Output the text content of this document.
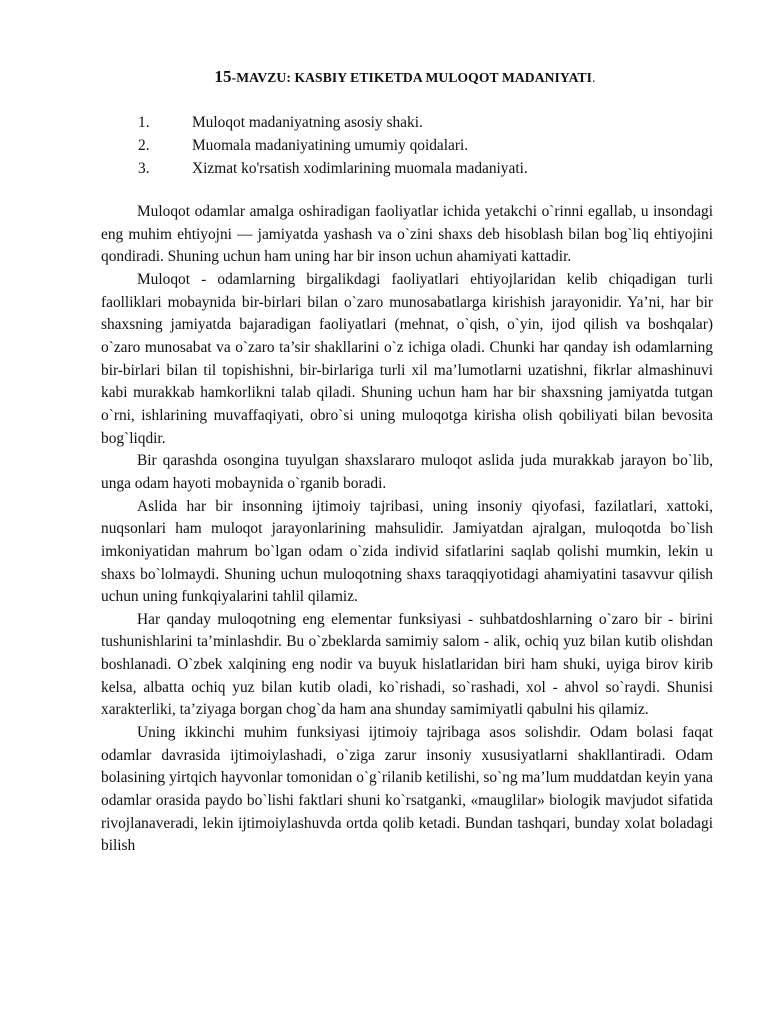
15-MAVZU: KASBIY ETIKETDA MULOQOT MADANIYATI.
1.	Muloqot madaniyatning asosiy shaki.
2.	Muomala madaniyatining umumiy qoidalari.
3.	Xizmat ko'rsatish xodimlarining muomala madaniyati.

Muloqot odamlar amalga oshiradigan faoliyatlar ichida yetakchi o`rinni egallab, u insondagi eng muhim ehtiyojni — jamiyatda yashash va o`zini shaxs deb hisoblash bilan bog`liq ehtiyojini qondiradi. Shuning uchun ham uning har bir inson uchun ahamiyati kattadir.

Muloqot - odamlarning birgalikdagi faoliyatlari ehtiyojlaridan kelib chiqadigan turli faolliklari mobaynida bir-birlari bilan o`zaro munosabatlarga kirishish jarayonidir. Ya’ni, har bir shaxsning jamiyatda bajaradigan faoliyatlari (mehnat, o`qish, o`yin, ijod qilish va boshqalar) o`zaro munosabat va o`zaro ta’sir shakllarini o`z ichiga oladi. Chunki har qanday ish odamlarning bir-birlari bilan til topishishni, bir-birlariga turli xil ma’lumotlarni uzatishni, fikrlar almashinuvi kabi murakkab hamkorlikni talab qiladi. Shuning uchun ham har bir shaxsning jamiyatda tutgan o`rni, ishlarining muvaffaqiyati, obro`si uning muloqotga kirisha olish qobiliyati bilan bevosita bog`liqdir.

Bir qarashda osongina tuyulgan shaxslararo muloqot aslida juda murakkab jarayon bo`lib, unga odam hayoti mobaynida o`rganib boradi.

Aslida har bir insonning ijtimoiy tajribasi, uning insoniy qiyofasi, fazilatlari, xattoki, nuqsonlari ham muloqot jarayonlarining mahsulidir. Jamiyatdan ajralgan, muloqotda bo`lish imkoniyatidan mahrum bo`lgan odam o`zida individ sifatlarini saqlab qolishi mumkin, lekin u shaxs bo`lolmaydi. Shuning uchun muloqotning shaxs taraqqiyotidagi ahamiyatini tasavvur qilish uchun uning funkqiyalarini tahlil qilamiz.

Har qanday muloqotning eng elementar funksiyasi - suhbatdoshlarning o`zaro bir - birini tushunishlarini ta’minlashdir. Bu o`zbeklarda samimiy salom - alik, ochiq yuz bilan kutib olishdan boshlanadi. O`zbek xalqining eng nodir va buyuk hislatlaridan biri ham shuki, uyiga birov kirib kelsa, albatta ochiq yuz bilan kutib oladi, ko`rishadi, so`rashadi, xol - ahvol so`raydi. Shunisi xarakterliki, ta’ziyaga borgan chog`da ham ana shunday samimiyatli qabulni his qilamiz.

Uning ikkinchi muhim funksiyasi ijtimoiy tajribaga asos solishdir. Odam bolasi faqat odamlar davrasida ijtimoiylashadi, o`ziga zarur insoniy xususiyatlarni shakllantiradi. Odam bolasining yirtqich hayvonlar tomonidan o`g`rilanib ketilishi, so`ng ma’lum muddatdan keyin yana odamlar orasida paydo bo`lishi faktlari shuni ko`rsatganki, «mauglilar» biologik mavjudot sifatida rivojlanaveradi, lekin ijtimoiylashuvda ortda qolib ketadi. Bundan tashqari, bunday xolat boladagi bilish
